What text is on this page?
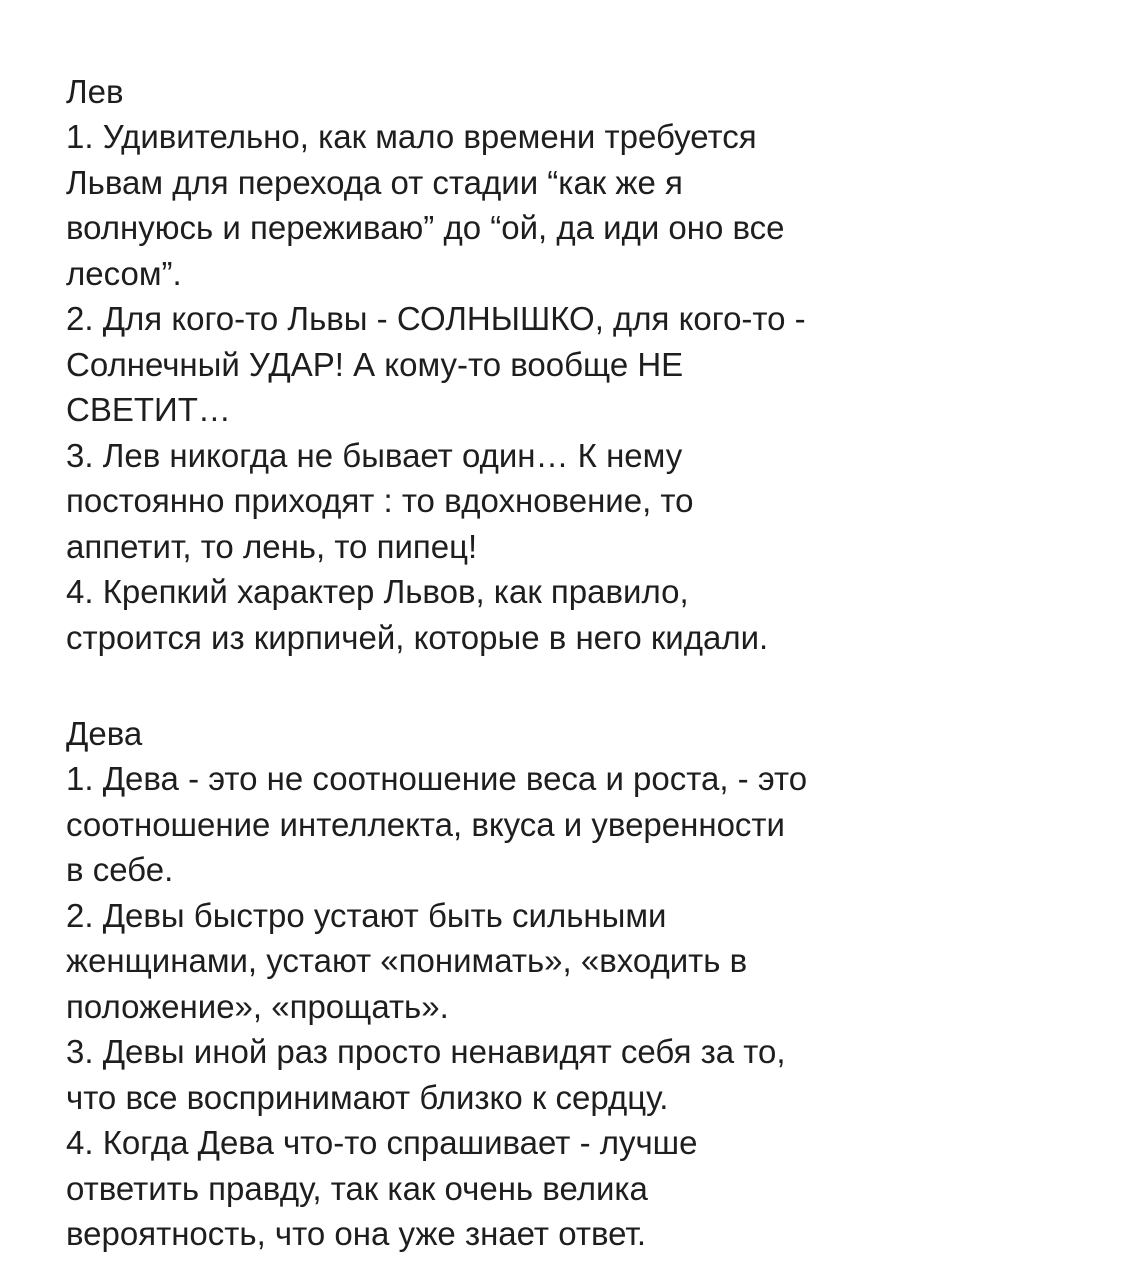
Лев

1. Удивительно, как мало времени требуется

Львам для перехода от стадии “как же я

волнуюсь и переживаю” до “ой, да иди оно все

лесом”.

2. Для кого-то Львы - СОЛНЫШКО, для кого-то -

Солнечный УДАР! А кому-то вообще НЕ

СВЕТИТ…

3. Лев никогда не бывает один… К нему

постоянно приходят : то вдохновение, то

аппетит, то лень, то пипец!

4. Крепкий характер Львов, как правило,

строится из кирпичей, которые в него кидали.

Дева

1. Дева - это не соотношение веса и роста, - это

соотношение интеллекта, вкуса и уверенности

в себе.

2. Девы быстро устают быть сильными

женщинами, устают «понимать», «входить в

положение», «прощать».

3. Девы иной раз просто ненавидят себя за то,

что все воспринимают близко к сердцу.

4. Когда Дева что-то спрашивает - лучше

ответить правду, так как очень велика

вероятность, что она уже знает ответ.
